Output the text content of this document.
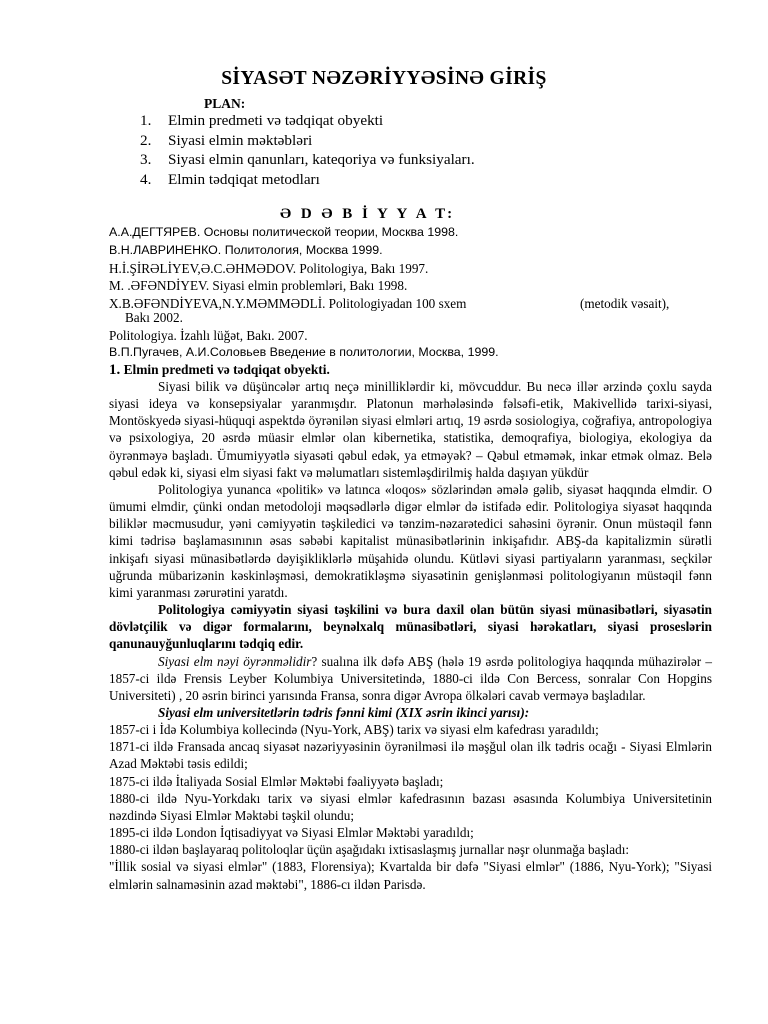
SİYASƏT NƏZƏRİYYƏSİNƏ GİRİŞ
PLAN:
1. Elmin predmeti və tədqiqat obyekti
2. Siyasi elmin məktəbləri
3. Siyasi elmin qanunları, kateqoriya və funksiyaları.
4. Elmin tədqiqat metodları
Ə D Ə B İ Y Y A T:
А.А.ДЕГТЯРЕВ. Основы политической теории, Москва 1998.
В.Н.ЛАВРИНЕНКО. Политология, Москва 1999.
H.İ.ŞİRƏLİYEV,Ə.C.ƏHMƏDOV. Politologiya, Bakı 1997.
M. .ƏFƏNDİYEV. Siyasi elmin problemləri, Bakı 1998.
X.B.ƏFƏNDİYEVA,N.Y.MƏMMƏDLİ. Politologiyadan 100 sxem	(metodik vəsait),
Bakı 2002.
Politologiya. İzahlı lüğət, Bakı. 2007.
В.П.Пугачев, А.И.Соловьев Введение в политологии, Москва, 1999.
1. Elmin predmeti və tədqiqat obyekti.

Siyasi bilik və düşüncələr artıq neçə minilliklərdir ki, mövcuddur. Bu necə illər ərzində çoxlu sayda siyasi ideya və konsepsiyalar yaranmışdır. Platonun mərhələsində fəlsəfi-etik, Makivellidə tarixi-siyasi, Montöskyedə siyasi-hüquqi aspektdə öyrənilən siyasi elmləri artıq, 19 əsrdə sosiologiya, coğrafiya, antropologiya və psixologiya, 20 əsrdə müasir elmlər olan kibernetika, statistika, demoqrafiya, biologiya, ekologiya da öyrənməyə başladı. Ümumiyyətlə siyasəti qəbul edək, ya etməyək? – Qəbul etməmək, inkar etmək olmaz. Belə qəbul edək ki, siyasi elm siyasi fakt və məlumatları sistemləşdirilmiş halda daşıyan yükdür

Politologiya yunanca «politik» və latınca «loqos» sözlərindən əmələ gəlib, siyasət haqqında elmdir. O ümumi elmdir, çünki ondan metodoloji məqsədlərlə digər elmlər də istifadə edir. Politologiya siyasət haqqında biliklər məcmusudur, yəni cəmiyyətin təşkiledici və tənzim-nəzarətedici sahəsini öyrənir. Onun müstəqil fənn kimi tədrisə başlamasınının əsas səbəbi kapitalist münasibətlərinin inkişafıdır. ABŞ-da kapitalizmin sürətli inkişafı siyasi münasibətlərdə dəyişikliklərlə müşahidə olundu. Kütləvi siyasi partiyaların yaranması, seçkilər uğrunda mübarizənin kəskinləşməsi, demokratikləşmə siyasətinin genişlənməsi politologiyanın müstəqil fənn kimi yaranması zərurətini yaratdı.

Politologiya cəmiyyətin siyasi təşkilini və bura daxil olan bütün siyasi münasibətləri, siyasətin dövlətçilik və digər formalarını, beynəlxalq münasibətləri, siyasi hərəkatları, siyasi proseslərin qanunauyğunluqlarını tədqiq edir.

Siyasi elm nəyi öyrənməlidir? sualına ilk dəfə ABŞ (hələ 19 əsrdə politologiya haqqında mühazirələr – 1857-ci ildə Frensis Leyber Kolumbiya Universitetində, 1880-ci ildə Con Bercess, sonralar Con Hopgins Universiteti) , 20 əsrin birinci yarısında Fransa, sonra digər Avropa ölkələri cavab verməyə başladılar.

Siyasi elm universitetlərin tədris fənni kimi (XIX əsrin ikinci yarısı):

1857-ci i İdə Kolumbiya kollecində (Nyu-York, ABŞ) tarix və siyasi elm kafedrası yaradıldı;

1871-ci ildə Fransada ancaq siyasət nəzəriyyəsinin öyrənilməsi ilə məşğul olan ilk tədris ocağı - Siyasi Elmlərin Azad Məktəbi təsis edildi;

1875-ci ildə İtaliyada Sosial Elmlər Məktəbi fəaliyyətə başladı;

1880-ci ildə Nyu-Yorkdakı tarix və siyasi elmlər kafedrasının bazası əsasında Kolumbiya Universitetinin nəzdində Siyasi Elmlər Məktəbi təşkil olundu;

1895-ci ildə London İqtisadiyyat və Siyasi Elmlər Məktəbi yaradıldı;

1880-ci ildən başlayaraq politoloqlar üçün aşağıdakı ixtisaslaşmış jurnallar nəşr olunmağa başladı:

"İllik sosial və siyasi elmlər" (1883, Florensiya); Kvartalda bir dəfə "Siyasi elmlər" (1886, Nyu-York); "Siyasi elmlərin salnaməsinin azad məktəbi", 1886-cı ildən Parisdə.
